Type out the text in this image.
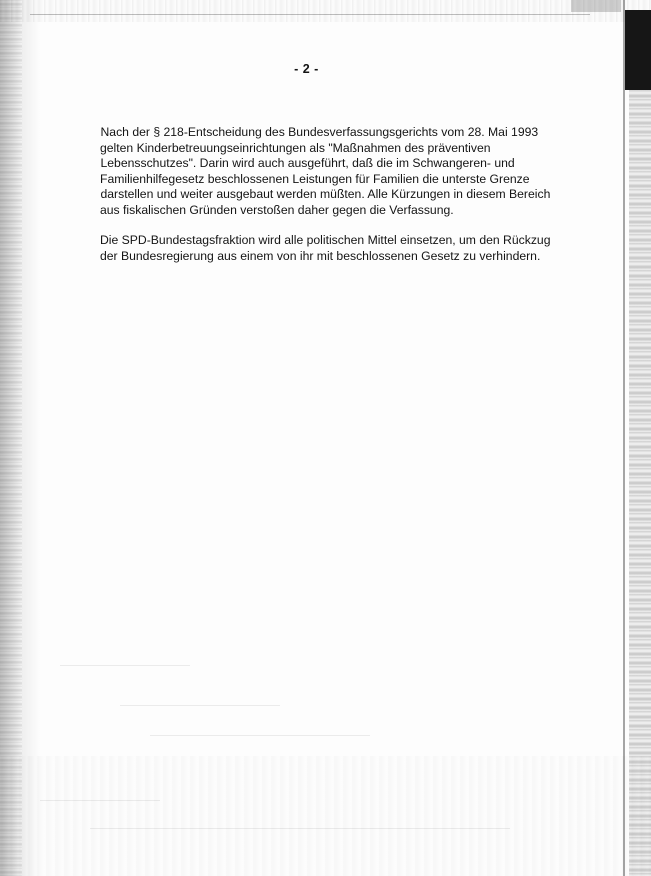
- 2 -
Nach der § 218-Entscheidung des Bundesverfassungsgerichts vom 28. Mai 1993
gelten Kinderbetreuungseinrichtungen als "Maßnahmen des präventiven
Lebensschutzes". Darin wird auch ausgeführt, daß die im Schwangeren- und
Familienhilfegesetz beschlossenen Leistungen für Familien die unterste Grenze
darstellen und weiter ausgebaut werden müßten. Alle Kürzungen in diesem Bereich
aus fiskalischen Gründen verstoßen daher gegen die Verfassung.
Die SPD-Bundestagsfraktion wird alle politischen Mittel einsetzen, um den Rückzug
der Bundesregierung aus einem von ihr mit beschlossenen Gesetz zu verhindern.
